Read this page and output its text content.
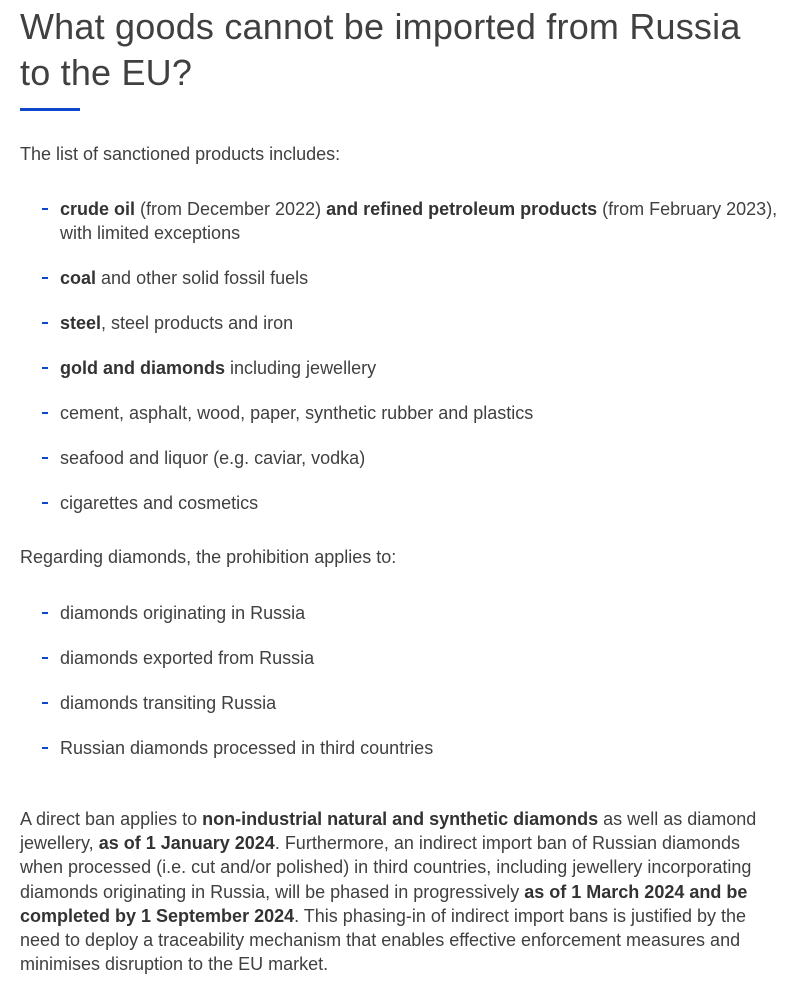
What goods cannot be imported from Russia to the EU?

The list of sanctioned products includes:

crude oil (from December 2022) and refined petroleum products (from February 2023), with limited exceptions
coal and other solid fossil fuels
steel, steel products and iron
gold and diamonds including jewellery
cement, asphalt, wood, paper, synthetic rubber and plastics
seafood and liquor (e.g. caviar, vodka)
cigarettes and cosmetics

Regarding diamonds, the prohibition applies to:

diamonds originating in Russia
diamonds exported from Russia
diamonds transiting Russia
Russian diamonds processed in third countries

A direct ban applies to non-industrial natural and synthetic diamonds as well as diamond jewellery, as of 1 January 2024. Furthermore, an indirect import ban of Russian diamonds when processed (i.e. cut and/or polished) in third countries, including jewellery incorporating diamonds originating in Russia, will be phased in progressively as of 1 March 2024 and be completed by 1 September 2024. This phasing-in of indirect import bans is justified by the need to deploy a traceability mechanism that enables effective enforcement measures and minimises disruption to the EU market.
